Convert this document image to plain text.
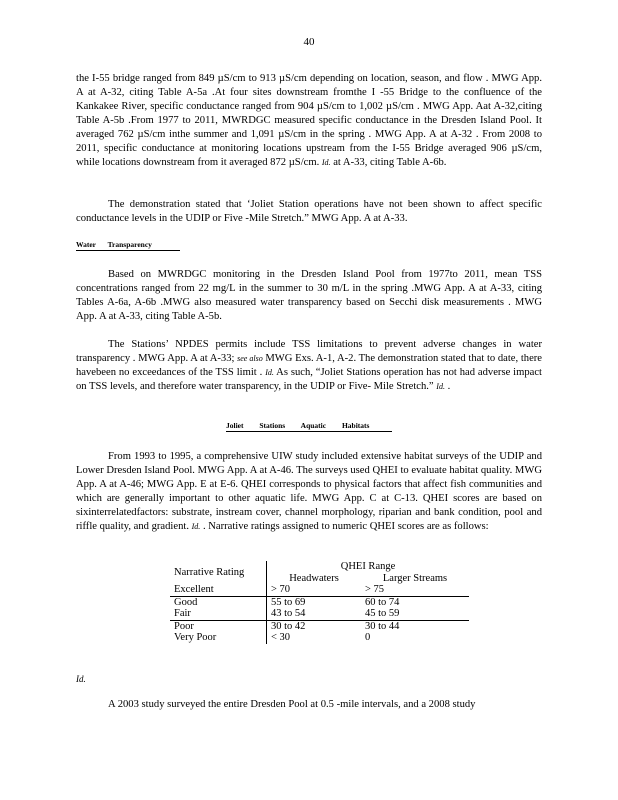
40

the I-55 bridge ranged from 849 µS/cm to 913 µS/cm depending on location, season, and flow . MWG App. A at A-32, citing Table A-5a .At four sites downstream fromthe I -55 Bridge to the confluence of the Kankakee River, specific conductance ranged from 904 µS/cm to 1,002 µS/cm . MWG App. Aat A-32,citing Table A-5b .From 1977 to 2011, MWRDGC measured specific conductance in the Dresden Island Pool. It averaged 762 µS/cm inthe summer and 1,091 µS/cm in the spring . MWG App. A at A-32 . From 2008 to 2011, specific conductance at monitoring locations upstream from the I-55 Bridge averaged 906 µS/cm, while locations downstream from it averaged 872 µS/cm. Id. at A-33, citing Table A-6b.

The demonstration stated that ‘Joliet Station operations have not been shown to affect specific conductance levels in the UDIP or Five -Mile Stretch.” MWG App. A at A-33.

Water Transparency

Based on MWRDGC monitoring in the Dresden Island Pool from 1977to 2011, mean TSS concentrations ranged from 22 mg/L in the summer to 30 m/L in the spring .MWG App. A at A-33, citing Tables A-6a, A-6b .MWG also measured water transparency based on Secchi disk measurements . MWG App. A at A-33, citing Table A-5b.

The Stations’ NPDES permits include TSS limitations to prevent adverse changes in water transparency . MWG App. A at A-33; see also MWG Exs. A-1, A-2. The demonstration stated that to date, there havebeen no exceedances of the TSS limit . Id. As such, “Joliet Stations operation has not had adverse impact on TSS levels, and therefore water transparency, in the UDIP or Five- Mile Stretch.” Id. .

Joliet Stations Aquatic Habitats

From 1993 to 1995, a comprehensive UIW study included extensive habitat surveys of the UDIP and Lower Dresden Island Pool. MWG App. A at A-46. The surveys used QHEI to evaluate habitat quality. MWG App. A at A-46; MWG App. E at E-6. QHEI corresponds to physical factors that affect fish communities and which are generally important to other aquatic life. MWG App. C at C-13. QHEI scores are based on sixinterrelatedfactors: substrate, instream cover, channel morphology, riparian and bank condition, pool and riffle quality, and gradient. Id. . Narrative ratings assigned to numeric QHEI scores are as follows:

Narrative Rating	QHEI Range	
	Headwaters	Larger Streams
Excellent	> 70	> 75
Good	55 to 69	60 to 74
Fair	43 to 54	45 to 59
Poor	30 to 42	30 to 44
Very Poor	< 30	0
Id.

A 2003 study surveyed the entire Dresden Pool at 0.5 -mile intervals, and a 2008 study
